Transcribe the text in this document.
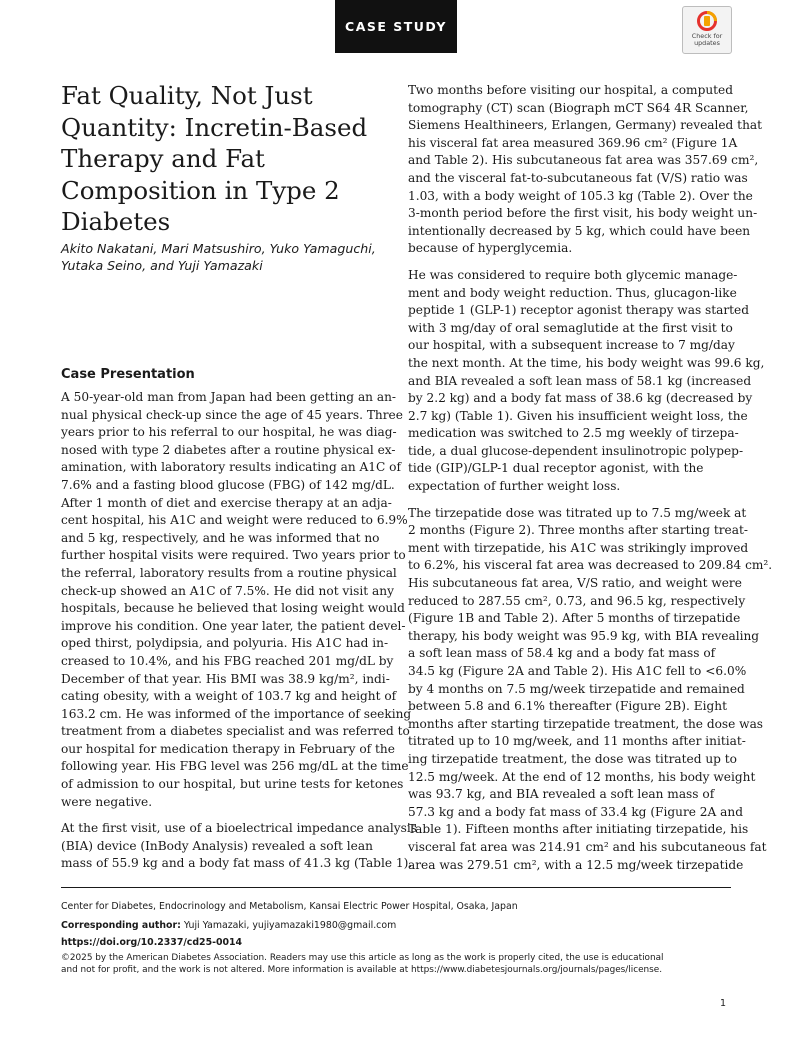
CASE STUDY
Check for
updates
Fat Quality, Not Just Quantity: Incretin-Based Therapy and Fat Composition in Type 2 Diabetes
Akito Nakatani, Mari Matsushiro, Yuko Yamaguchi, Yutaka Seino, and Yuji Yamazaki
Case Presentation

A 50-year-old man from Japan had been getting an an-
nual physical check-up since the age of 45 years. Three
years prior to his referral to our hospital, he was diag-
nosed with type 2 diabetes after a routine physical ex-
amination, with laboratory results indicating an A1C of
7.6% and a fasting blood glucose (FBG) of 142 mg/dL.
After 1 month of diet and exercise therapy at an adja-
cent hospital, his A1C and weight were reduced to 6.9%
and 5 kg, respectively, and he was informed that no
further hospital visits were required. Two years prior to
the referral, laboratory results from a routine physical
check-up showed an A1C of 7.5%. He did not visit any
hospitals, because he believed that losing weight would
improve his condition. One year later, the patient devel-
oped thirst, polydipsia, and polyuria. His A1C had in-
creased to 10.4%, and his FBG reached 201 mg/dL by
December of that year. His BMI was 38.9 kg/m², indi-
cating obesity, with a weight of 103.7 kg and height of
163.2 cm. He was informed of the importance of seeking
treatment from a diabetes specialist and was referred to
our hospital for medication therapy in February of the
following year. His FBG level was 256 mg/dL at the time
of admission to our hospital, but urine tests for ketones
were negative.

At the first visit, use of a bioelectrical impedance analysis
(BIA) device (InBody Analysis) revealed a soft lean
mass of 55.9 kg and a body fat mass of 41.3 kg (Table 1).

Two months before visiting our hospital, a computed
tomography (CT) scan (Biograph mCT S64 4R Scanner,
Siemens Healthineers, Erlangen, Germany) revealed that
his visceral fat area measured 369.96 cm² (Figure 1A
and Table 2). His subcutaneous fat area was 357.69 cm²,
and the visceral fat-to-subcutaneous fat (V/S) ratio was
1.03, with a body weight of 105.3 kg (Table 2). Over the
3-month period before the first visit, his body weight un-
intentionally decreased by 5 kg, which could have been
because of hyperglycemia.

He was considered to require both glycemic manage-
ment and body weight reduction. Thus, glucagon-like
peptide 1 (GLP-1) receptor agonist therapy was started
with 3 mg/day of oral semaglutide at the first visit to
our hospital, with a subsequent increase to 7 mg/day
the next month. At the time, his body weight was 99.6 kg,
and BIA revealed a soft lean mass of 58.1 kg (increased
by 2.2 kg) and a body fat mass of 38.6 kg (decreased by
2.7 kg) (Table 1). Given his insufficient weight loss, the
medication was switched to 2.5 mg weekly of tirzepa-
tide, a dual glucose-dependent insulinotropic polypep-
tide (GIP)/GLP-1 dual receptor agonist, with the
expectation of further weight loss.

The tirzepatide dose was titrated up to 7.5 mg/week at
2 months (Figure 2). Three months after starting treat-
ment with tirzepatide, his A1C was strikingly improved
to 6.2%, his visceral fat area was decreased to 209.84 cm².
His subcutaneous fat area, V/S ratio, and weight were
reduced to 287.55 cm², 0.73, and 96.5 kg, respectively
(Figure 1B and Table 2). After 5 months of tirzepatide
therapy, his body weight was 95.9 kg, with BIA revealing
a soft lean mass of 58.4 kg and a body fat mass of
34.5 kg (Figure 2A and Table 2). His A1C fell to <6.0%
by 4 months on 7.5 mg/week tirzepatide and remained
between 5.8 and 6.1% thereafter (Figure 2B). Eight
months after starting tirzepatide treatment, the dose was
titrated up to 10 mg/week, and 11 months after initiat-
ing tirzepatide treatment, the dose was titrated up to
12.5 mg/week. At the end of 12 months, his body weight
was 93.7 kg, and BIA revealed a soft lean mass of
57.3 kg and a body fat mass of 33.4 kg (Figure 2A and
Table 1). Fifteen months after initiating tirzepatide, his
visceral fat area was 214.91 cm² and his subcutaneous fat
area was 279.51 cm², with a 12.5 mg/week tirzepatide

Center for Diabetes, Endocrinology and Metabolism, Kansai Electric Power Hospital, Osaka, Japan
Corresponding author: Yuji Yamazaki, yujiyamazaki1980@gmail.com
https://doi.org/10.2337/cd25-0014
©2025 by the American Diabetes Association. Readers may use this article as long as the work is properly cited, the use is educational
and not for profit, and the work is not altered. More information is available at https://www.diabetesjournals.org/journals/pages/license.
1
